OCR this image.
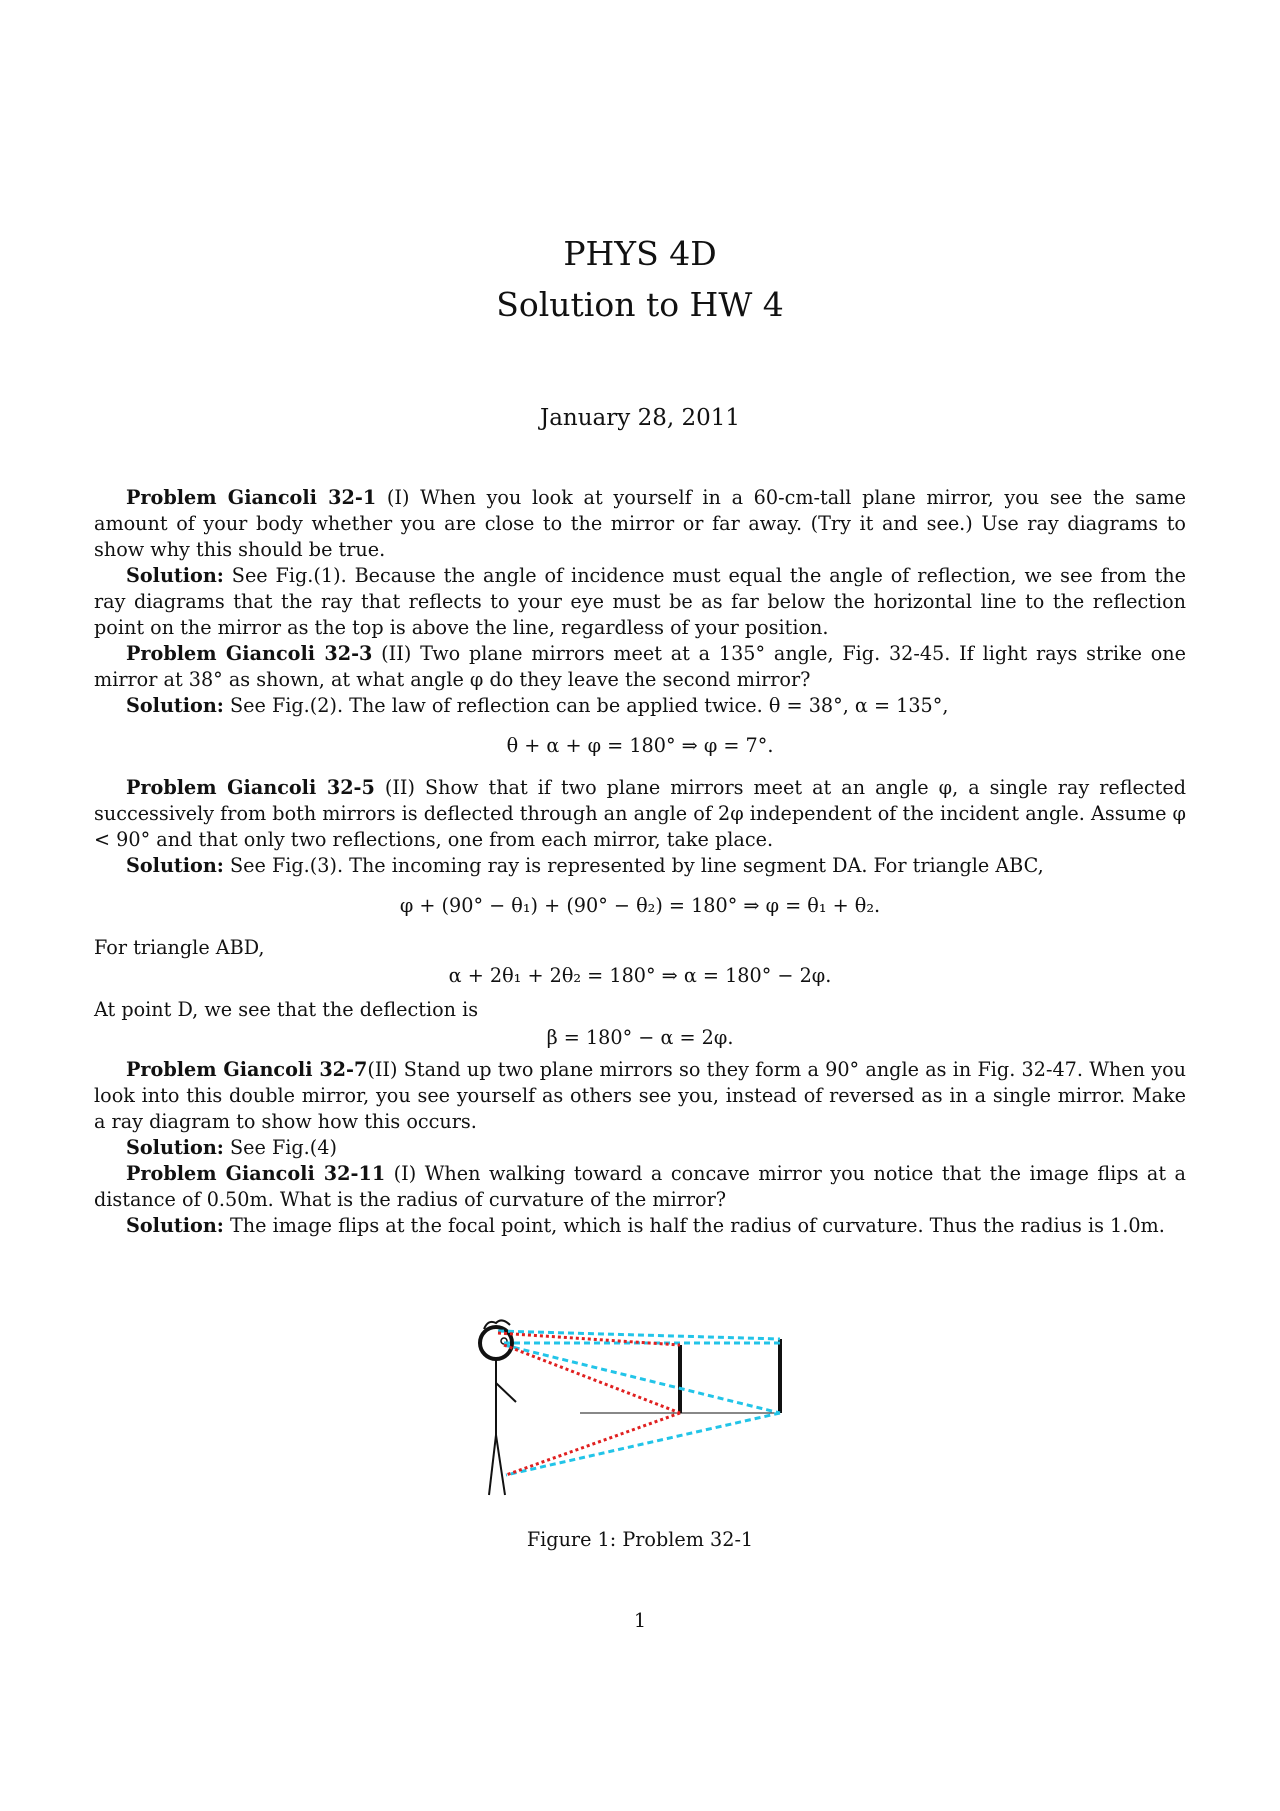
PHYS 4D
Solution to HW 4
January 28, 2011

Problem Giancoli 32-1 (I) When you look at yourself in a 60-cm-tall plane mirror, you see the same amount of your body whether you are close to the mirror or far away. (Try it and see.) Use ray diagrams to show why this should be true.

Solution: See Fig.(1). Because the angle of incidence must equal the angle of reflection, we see from the ray diagrams that the ray that reflects to your eye must be as far below the horizontal line to the reflection point on the mirror as the top is above the line, regardless of your position.

Problem Giancoli 32-3 (II) Two plane mirrors meet at a 135° angle, Fig. 32-45. If light rays strike one mirror at 38° as shown, at what angle φ do they leave the second mirror?

Solution: See Fig.(2). The law of reflection can be applied twice. θ = 38°, α = 135°,

θ + α + φ = 180° ⇒ φ = 7°.

Problem Giancoli 32-5 (II) Show that if two plane mirrors meet at an angle φ, a single ray reflected successively from both mirrors is deflected through an angle of 2φ independent of the incident angle. Assume φ < 90° and that only two reflections, one from each mirror, take place.

Solution: See Fig.(3). The incoming ray is represented by line segment DA. For triangle ABC,

φ + (90° − θ₁) + (90° − θ₂) = 180° ⇒ φ = θ₁ + θ₂.

For triangle ABD,

α + 2θ₁ + 2θ₂ = 180° ⇒ α = 180° − 2φ.

At point D, we see that the deflection is

β = 180° − α = 2φ.

Problem Giancoli 32-7(II) Stand up two plane mirrors so they form a 90° angle as in Fig. 32-47. When you look into this double mirror, you see yourself as others see you, instead of reversed as in a single mirror. Make a ray diagram to show how this occurs.

Solution: See Fig.(4)

Problem Giancoli 32-11 (I) When walking toward a concave mirror you notice that the image flips at a distance of 0.50m. What is the radius of curvature of the mirror?

Solution: The image flips at the focal point, which is half the radius of curvature. Thus the radius is 1.0m.

Figure 1: Problem 32-1
1
